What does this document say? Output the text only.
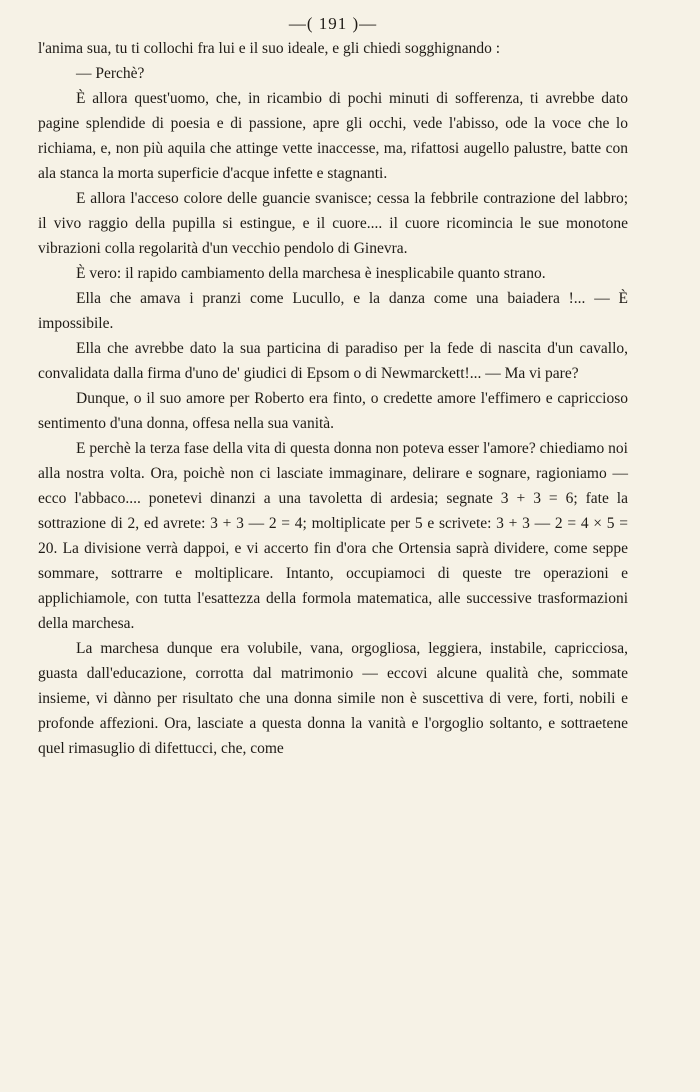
—( 191 )—

l'anima sua, tu ti collochi fra lui e il suo ideale, e gli chiedi sogghignando :

— Perchè?

È allora quest'uomo, che, in ricambio di pochi minuti di sofferenza, ti avrebbe dato pagine splendide di poesia e di passione, apre gli occhi, vede l'abisso, ode la voce che lo richiama, e, non più aquila che attinge vette inaccesse, ma, rifattosi augello palustre, batte con ala stanca la morta superficie d'acque infette e stagnanti.

E allora l'acceso colore delle guancie svanisce; cessa la febbrile contrazione del labbro; il vivo raggio della pupilla si estingue, e il cuore.... il cuore ricomincia le sue monotone vibrazioni colla regolarità d'un vecchio pendolo di Ginevra.

È vero: il rapido cambiamento della marchesa è inesplicabile quanto strano.

Ella che amava i pranzi come Lucullo, e la danza come una baiadera !... — È impossibile.

Ella che avrebbe dato la sua particina di paradiso per la fede di nascita d'un cavallo, convalidata dalla firma d'uno de' giudici di Epsom o di Newmarckett!... — Ma vi pare?

Dunque, o il suo amore per Roberto era finto, o credette amore l'effimero e capriccioso sentimento d'una donna, offesa nella sua vanità.

E perchè la terza fase della vita di questa donna non poteva esser l'amore? chiediamo noi alla nostra volta. Ora, poichè non ci lasciate immaginare, delirare e sognare, ragioniamo — ecco l'abbaco.... ponetevi dinanzi a una tavoletta di ardesia; segnate 3 + 3 = 6; fate la sottrazione di 2, ed avrete: 3 + 3 — 2 = 4; moltiplicate per 5 e scrivete: 3 + 3 — 2 = 4 × 5 = 20. La divisione verrà dappoi, e vi accerto fin d'ora che Ortensia saprà dividere, come seppe sommare, sottrarre e moltiplicare. Intanto, occupiamoci di queste tre operazioni e applichiamole, con tutta l'esattezza della formola matematica, alle successive trasformazioni della marchesa.

La marchesa dunque era volubile, vana, orgogliosa, leggiera, instabile, capricciosa, guasta dall'educazione, corrotta dal matrimonio — eccovi alcune qualità che, sommate insieme, vi dànno per risultato che una donna simile non è suscettiva di vere, forti, nobili e profonde affezioni. Ora, lasciate a questa donna la vanità e l'orgoglio soltanto, e sottraetene quel rimasuglio di difettucci, che, come
